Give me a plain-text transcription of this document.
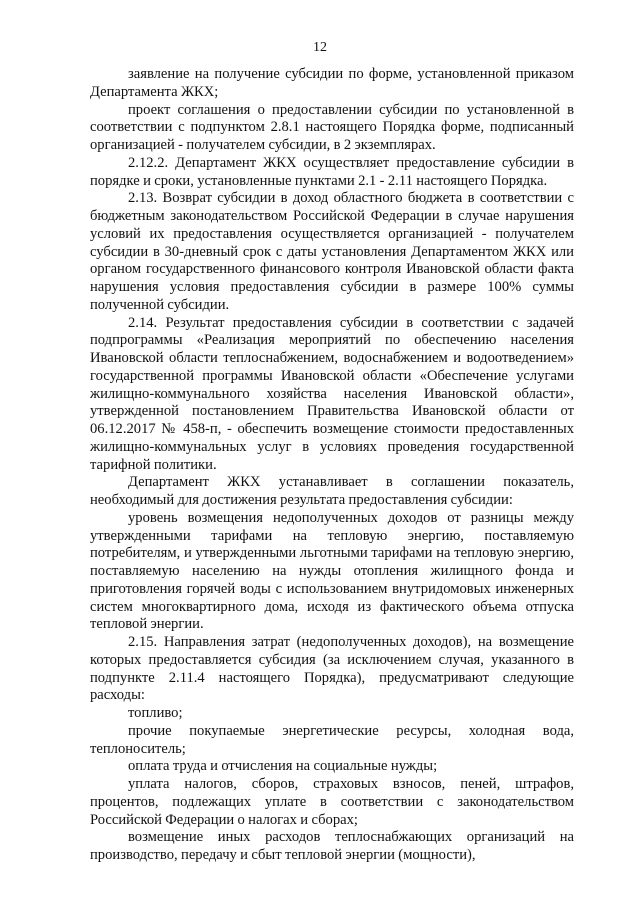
12

заявление на получение субсидии по форме, установленной приказом Департамента ЖКХ;

проект соглашения о предоставлении субсидии по установленной в соответствии с подпунктом 2.8.1 настоящего Порядка форме, подписанный организацией - получателем субсидии, в 2 экземплярах.

2.12.2. Департамент ЖКХ осуществляет предоставление субсидии в порядке и сроки, установленные пунктами 2.1 - 2.11 настоящего Порядка.

2.13. Возврат субсидии в доход областного бюджета в соответствии с бюджетным законодательством Российской Федерации в случае нарушения условий их предоставления осуществляется организацией - получателем субсидии в 30-дневный срок с даты установления Департаментом ЖКХ или органом государственного финансового контроля Ивановской области факта нарушения условия предоставления субсидии в размере 100% суммы полученной субсидии.

2.14. Результат предоставления субсидии в соответствии с задачей подпрограммы «Реализация мероприятий по обеспечению населения Ивановской области теплоснабжением, водоснабжением и водоотведением» государственной программы Ивановской области «Обеспечение услугами жилищно-коммунального хозяйства населения Ивановской области», утвержденной постановлением Правительства Ивановской области от 06.12.2017 № 458-п, - обеспечить возмещение стоимости предоставленных жилищно-коммунальных услуг в условиях проведения государственной тарифной политики.

Департамент ЖКХ устанавливает в соглашении показатель, необходимый для достижения результата предоставления субсидии:

уровень возмещения недополученных доходов от разницы между утвержденными тарифами на тепловую энергию, поставляемую потребителям, и утвержденными льготными тарифами на тепловую энергию, поставляемую населению на нужды отопления жилищного фонда и приготовления горячей воды с использованием внутридомовых инженерных систем многоквартирного дома, исходя из фактического объема отпуска тепловой энергии.

2.15. Направления затрат (недополученных доходов), на возмещение которых предоставляется субсидия (за исключением случая, указанного в подпункте 2.11.4 настоящего Порядка), предусматривают следующие расходы:

топливо;

прочие покупаемые энергетические ресурсы, холодная вода, теплоноситель;

оплата труда и отчисления на социальные нужды;

уплата налогов, сборов, страховых взносов, пеней, штрафов, процентов, подлежащих уплате в соответствии с законодательством Российской Федерации о налогах и сборах;

возмещение иных расходов теплоснабжающих организаций на производство, передачу и сбыт тепловой энергии (мощности),
